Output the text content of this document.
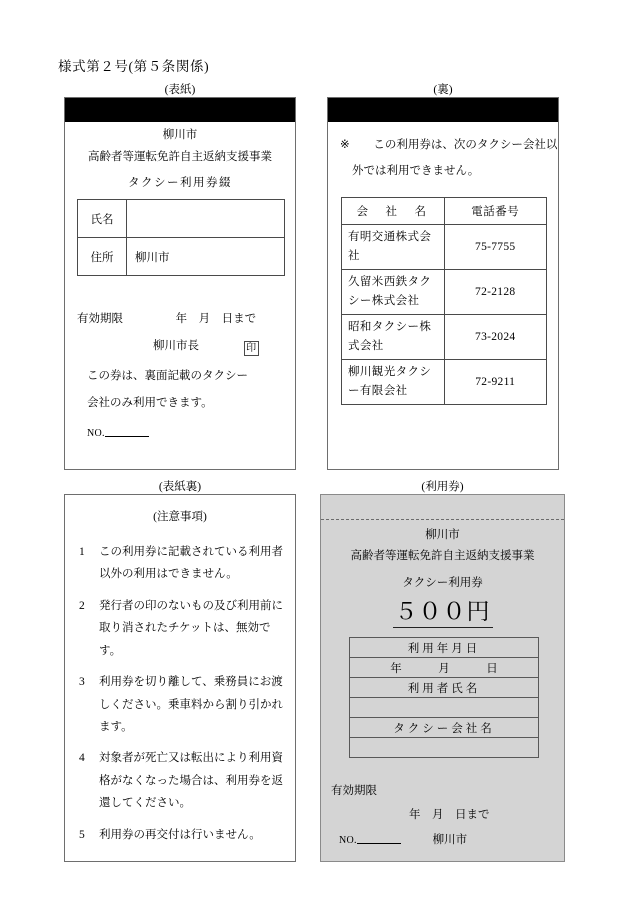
様式第２号(第５条関係)
(表紙)
柳川市
高齢者等運転免許自主返納支援事業
タクシー利用券綴
氏名	
住所	柳川市
有効期限	年　月　日まで
柳川市長	印
この券は、裏面記載のタクシー
会社のみ利用できます。
NO.
(裏)
※ この利用券は、次のタクシー会社以
外では利用できません。
会　社　名	電話番号
有明交通株式会社	75-7755
久留米西鉄タクシー株式会社	72-2128
昭和タクシー株式会社	73-2024
柳川観光タクシー有限会社	72-9211
(表紙裏)
(注意事項)
1	この利用券に記載されている利用者以外の利用はできません。
2	発行者の印のないもの及び利用前に取り消されたチケットは、無効です。
3	利用券を切り離して、乗務員にお渡しください。乗車料から割り引かれます。
4	対象者が死亡又は転出により利用資格がなくなった場合は、利用券を返還してください。
5	利用券の再交付は行いません。
(利用券)
柳川市
高齢者等運転免許自主返納支援事業
タクシー利用券
５００円
利用年月日

年	月	日

利用者氏名

タクシー会社名

有効期限
年　月　日まで
NO.	柳川市
